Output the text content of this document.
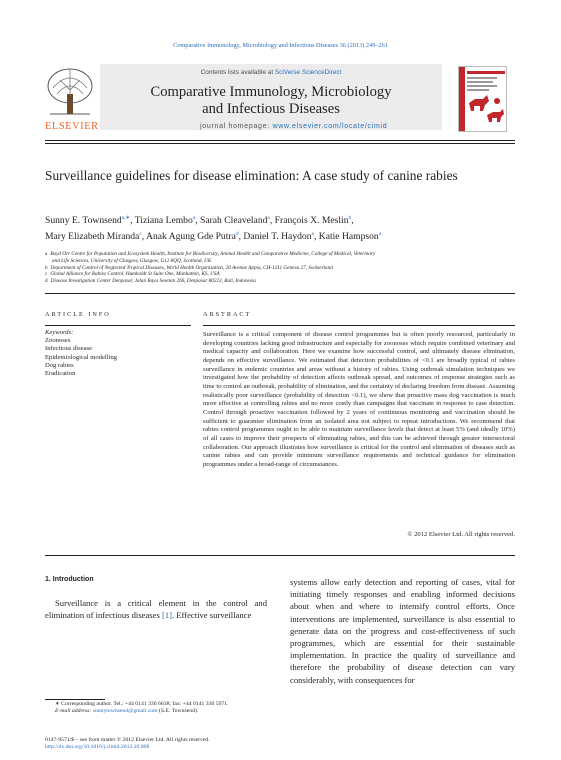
Comparative Immunology, Microbiology and Infectious Diseases 36 (2013) 249–261
ELSEVIER
Contents lists available at SciVerse ScienceDirect
Comparative Immunology, Microbiology
and Infectious Diseases
journal homepage: www.elsevier.com/locate/cimid
Surveillance guidelines for disease elimination: A case study of canine rabies
Sunny E. Townsend$^{a,∗}$, Tiziana Lembo$^a$, Sarah Cleaveland$^a$, François X. Meslin$^b$,
Mary Elizabeth Miranda$^c$, Anak Agung Gde Putra$^d$, Daniel T. Haydon$^a$, Katie Hampson$^a$
a Boyd Orr Centre for Population and Ecosystem Health, Institute for Biodiversity, Animal Health and Comparative Medicine, College of Medical, Veterinary
and Life Sciences, University of Glasgow, Glasgow, G12 8QQ, Scotland, UK
b Department of Control of Neglected Tropical Diseases, World Health Organization, 20 Avenue Appia, CH-1211 Geneva 27, Switzerland
c Global Alliance for Rabies Control, Humboldt St Suite One, Manhattan, KS, USA
d Disease Investigation Center Denpasar, Jalan Raya Sesetan 266, Denpasar 80223, Bali, Indonesia
ARTICLE INFO
Keywords:
Zoonoses
Infectious disease
Epidemiological modelling
Dog rabies
Eradication
ABSTRACT
Surveillance is a critical component of disease control programmes but is often poorly resourced, particularly in developing countries lacking good infrastructure and especially for zoonoses which require combined veterinary and medical capacity and collaboration. Here we examine how successful control, and ultimately disease elimination, depends on effective surveillance. We estimated that detection probabilities of <0.1 are broadly typical of rabies surveillance in endemic countries and areas without a history of rabies. Using outbreak simulation techniques we investigated how the probability of detection affects outbreak spread, and outcomes of response strategies such as time to control an outbreak, probability of elimination, and the certainty of declaring freedom from disease. Assuming realistically poor surveillance (probability of detection <0.1), we show that proactive mass dog vaccination is much more effective at controlling rabies and no more costly than campaigns that vaccinate in response to case detection. Control through proactive vaccination followed by 2 years of continuous monitoring and vaccination should be sufficient to guarantee elimination from an isolated area not subject to repeat introductions. We recommend that rabies control programmes ought to be able to maintain surveillance levels that detect at least 5% (and ideally 10%) of all cases to improve their prospects of eliminating rabies, and this can be achieved through greater intersectoral collaboration. Our approach illustrates how surveillance is critical for the control and elimination of diseases such as canine rabies and can provide minimum surveillance requirements and technical guidance for elimination programmes under a broad-range of circumstances.
© 2012 Elsevier Ltd. All rights reserved.
1. Introduction
Surveillance is a critical element in the control and elimination of infectious diseases [1]. Effective surveillance
systems allow early detection and reporting of cases, vital for initiating timely responses and enabling informed decisions about when and where to intensify control efforts. Once interventions are implemented, surveillance is also essential to generate data on the progress and cost-effectiveness of such programmes, which are essential for their sustainable implementation. In practice the quality of surveillance and therefore the probability of disease detection can vary considerably, with consequences for
∗ Corresponding author. Tel.: +44 0141 330 6638; fax: +44 0141 330 5971.
E-mail address: sunnytownsend@gmail.com (S.E. Townsend).
0147-9571/$ – see front matter © 2012 Elsevier Ltd. All rights reserved.
http://dx.doi.org/10.1016/j.cimid.2012.10.008
